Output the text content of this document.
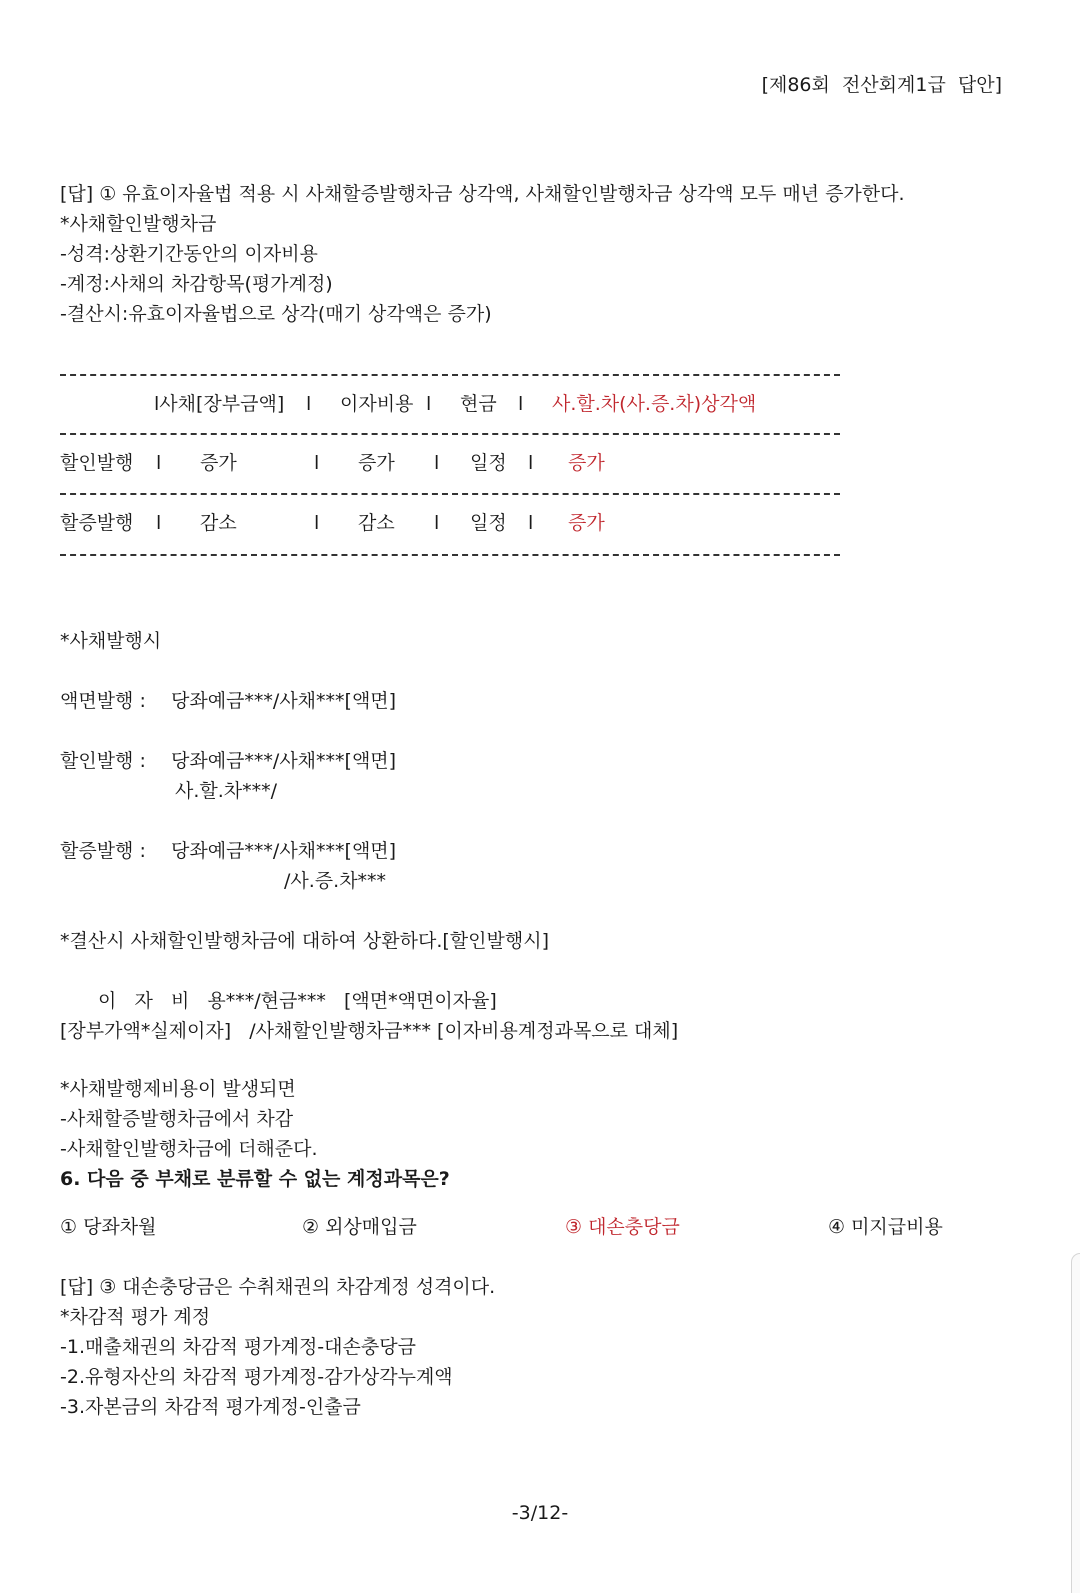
[제86회  전산회계1급  답안]
[답] ① 유효이자율법 적용 시 사채할증발행차금 상각액, 사채할인발행차금 상각액 모두 매년 증가한다.
*사채할인발행차금
-성격:상환기간동안의 이자비용
-계정:사채의 차감항목(평가계정)
-결산시:유효이자율법으로 상각(매기 상각액은 증가)
l사채[장부금액] l 이자비용 l 현금 l 사.할.차(사.증.차)상각액
할인발행 l 증가	l 증가 l 일정 l 증가
할증발행 l 감소	l 감소 l 일정 l 증가
*사채발행시
액면발행 : 당좌예금***/사채***[액면]
할인발행 : 당좌예금***/사채***[액면]
사.할.차***/
할증발행 : 당좌예금***/사채***[액면]
/사.증.차***
*결산시 사채할인발행차금에 대하여 상환하다.[할인발행시]
이   자   비   용***/현금***   [액면*액면이자율]
[장부가액*실제이자]   /사채할인발행차금*** [이자비용계정과목으로 대체]
*사채발행제비용이 발생되면
-사채할증발행차금에서 차감
-사채할인발행차금에 더해준다.
6. 다음 중 부채로 분류할 수 없는 계정과목은?
① 당좌차월	② 외상매입금	③ 대손충당금	④ 미지급비용
[답] ③ 대손충당금은 수취채권의 차감계정 성격이다.
*차감적 평가 계정
-1.매출채권의 차감적 평가계정-대손충당금
-2.유형자산의 차감적 평가계정-감가상각누계액
-3.자본금의 차감적 평가계정-인출금
-3/12-
